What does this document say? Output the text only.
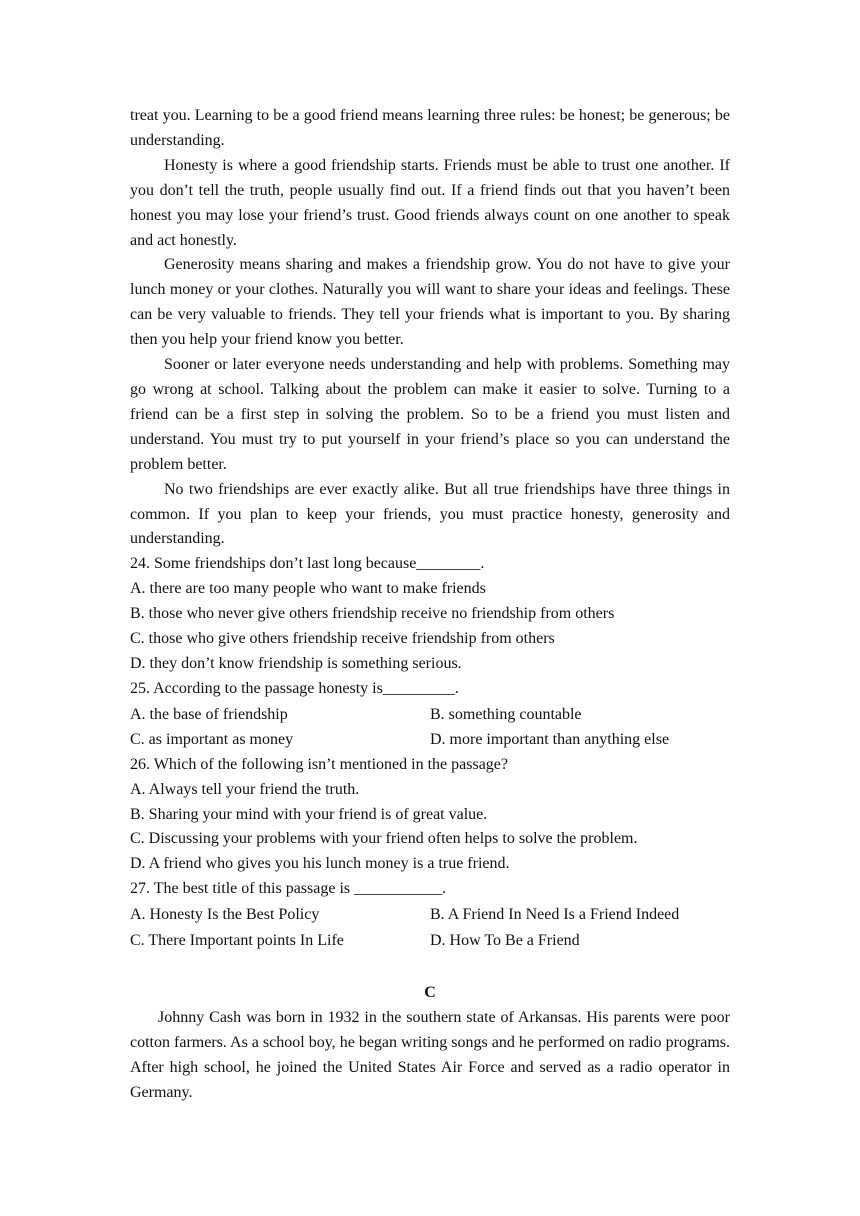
treat you. Learning to be a good friend means learning three rules: be honest; be generous; be understanding.

Honesty is where a good friendship starts. Friends must be able to trust one another. If you don’t tell the truth, people usually find out. If a friend finds out that you haven’t been honest you may lose your friend’s trust. Good friends always count on one another to speak and act honestly.

Generosity means sharing and makes a friendship grow. You do not have to give your lunch money or your clothes. Naturally you will want to share your ideas and feelings. These can be very valuable to friends. They tell your friends what is important to you. By sharing then you help your friend know you better.

Sooner or later everyone needs understanding and help with problems. Something may go wrong at school. Talking about the problem can make it easier to solve. Turning to a friend can be a first step in solving the problem. So to be a friend you must listen and understand. You must try to put yourself in your friend’s place so you can understand the problem better.

No two friendships are ever exactly alike. But all true friendships have three things in common. If you plan to keep your friends, you must practice honesty, generosity and understanding.

24. Some friendships don’t last long because________.

A. there are too many people who want to make friends

B. those who never give others friendship receive no friendship from others

C. those who give others friendship receive friendship from others

D. they don’t know friendship is something serious.

25. According to the passage honesty is_________.

A. the base of friendship	B. something countable
C. as important as money	D. more important than anything else

26. Which of the following isn’t mentioned in the passage?

A. Always tell your friend the truth.

B. Sharing your mind with your friend is of great value.

C. Discussing your problems with your friend often helps to solve the problem.

D. A friend who gives you his lunch money is a true friend.

27. The best title of this passage is ___________.

A. Honesty Is the Best Policy	B. A Friend In Need Is a Friend Indeed
C. There Important points In Life	D. How To Be a Friend

C

Johnny Cash was born in 1932 in the southern state of Arkansas. His parents were poor cotton farmers. As a school boy, he began writing songs and he performed on radio programs. After high school, he joined the United States Air Force and served as a radio operator in Germany.
